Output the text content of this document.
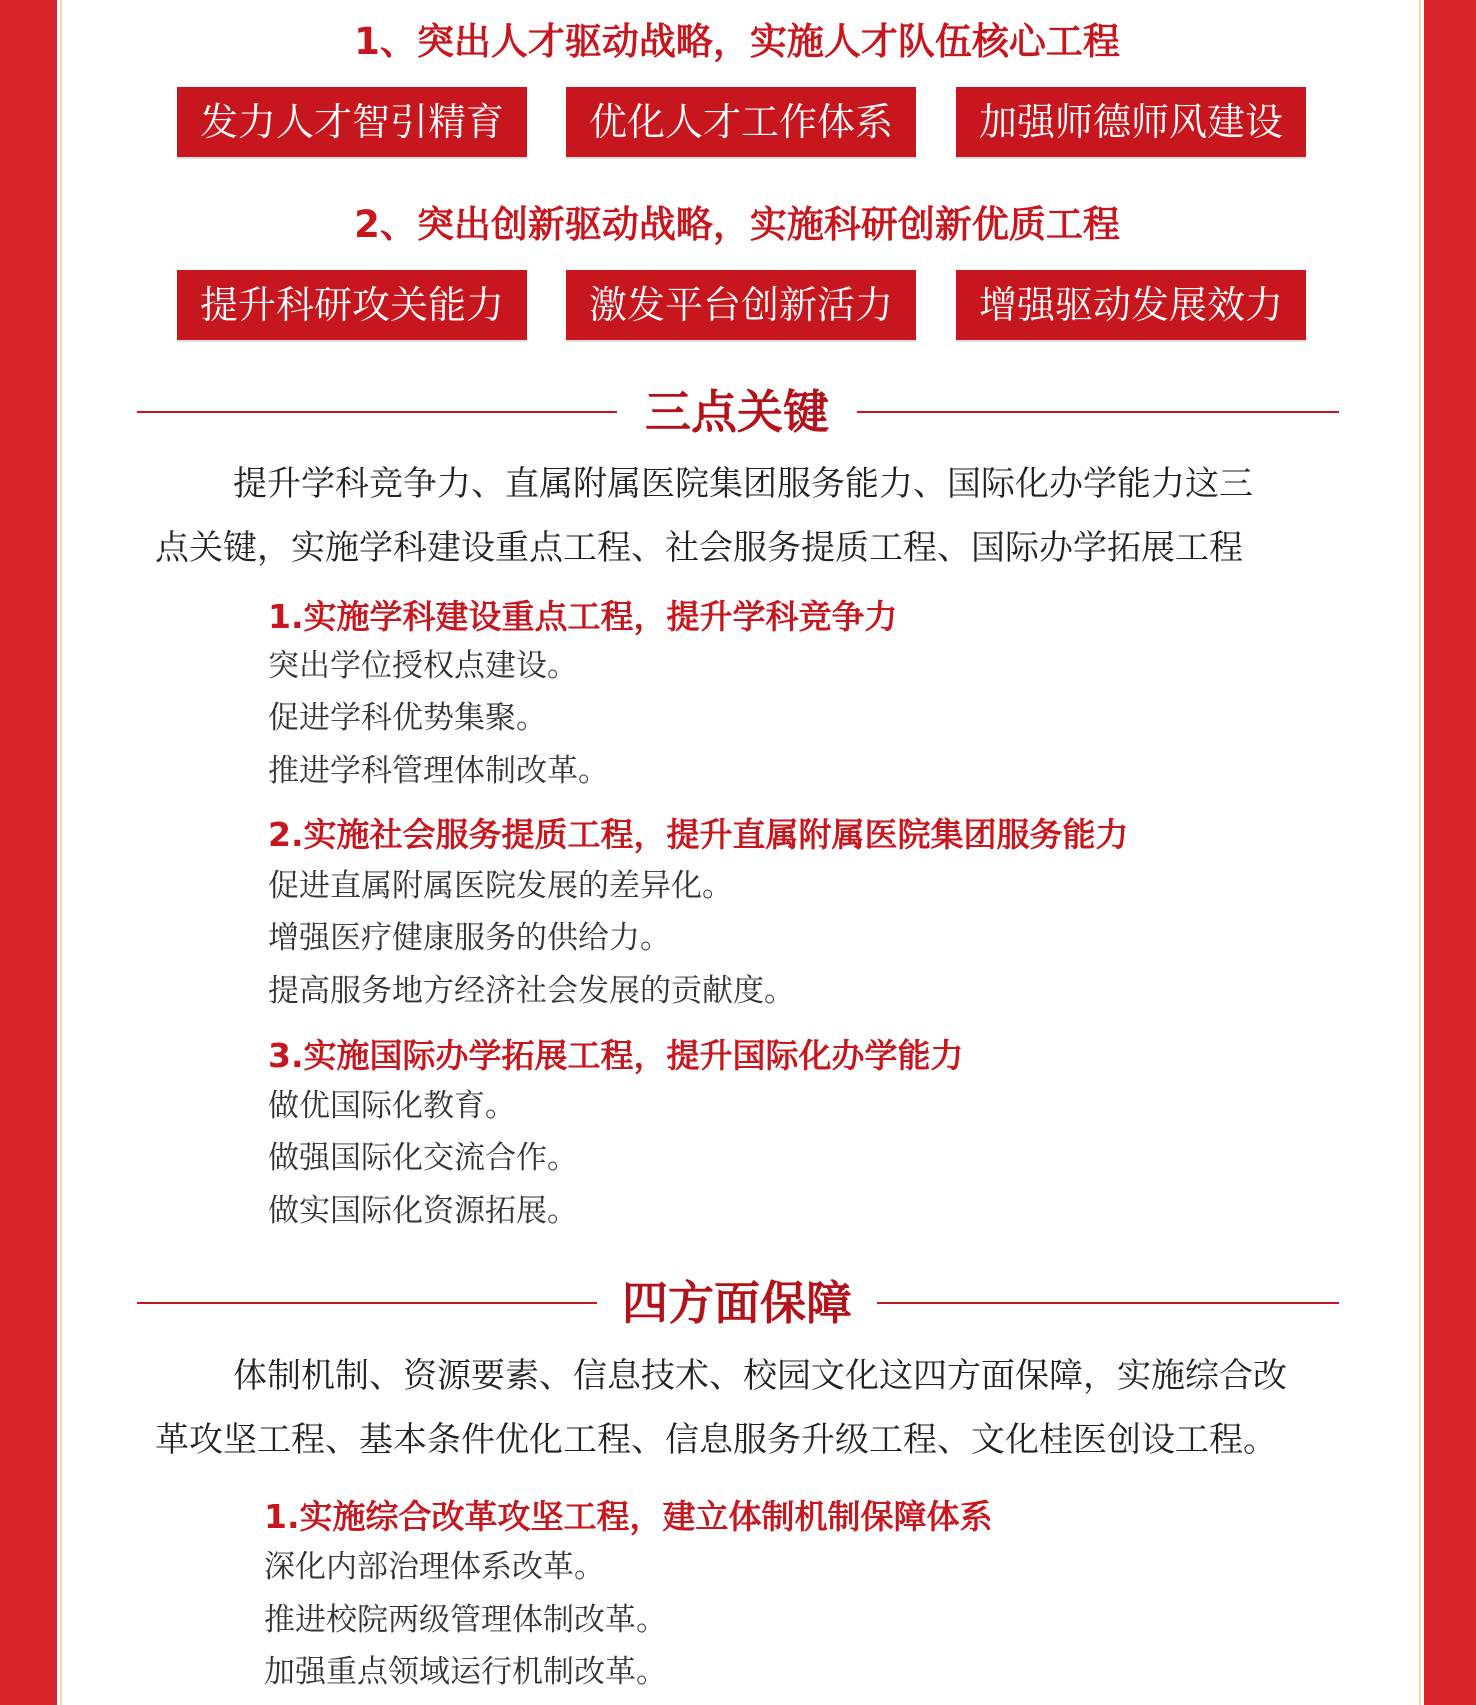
1、突出人才驱动战略，实施人才队伍核心工程
发力人才智引精育	优化人才工作体系	加强师德师风建设
2、突出创新驱动战略，实施科研创新优质工程
提升科研攻关能力	激发平台创新活力	增强驱动发展效力
三点关键
提升学科竞争力、直属附属医院集团服务能力、国际化办学能力这三
点关键，实施学科建设重点工程、社会服务提质工程、国际办学拓展工程
1.实施学科建设重点工程，提升学科竞争力
突出学位授权点建设。
促进学科优势集聚。
推进学科管理体制改革。
2.实施社会服务提质工程，提升直属附属医院集团服务能力
促进直属附属医院发展的差异化。
增强医疗健康服务的供给力。
提高服务地方经济社会发展的贡献度。
3.实施国际办学拓展工程，提升国际化办学能力
做优国际化教育。
做强国际化交流合作。
做实国际化资源拓展。
四方面保障
体制机制、资源要素、信息技术、校园文化这四方面保障，实施综合改
革攻坚工程、基本条件优化工程、信息服务升级工程、文化桂医创设工程。
1.实施综合改革攻坚工程，建立体制机制保障体系
深化内部治理体系改革。
推进校院两级管理体制改革。
加强重点领域运行机制改革。
